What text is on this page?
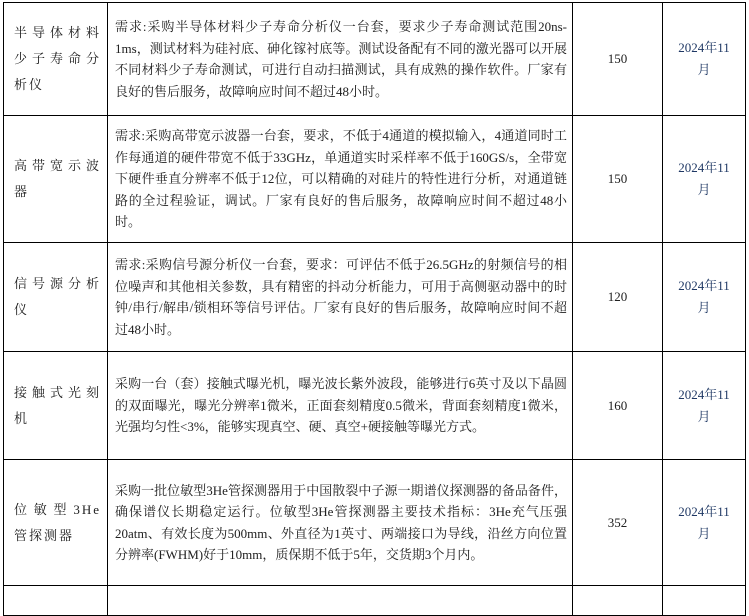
半导体材料少子寿命分析仪	需求:采购半导体材料少子寿命分析仪一台套，要求少子寿命测试范围20ns-1ms，测试材料为硅衬底、砷化镓衬底等。测试设备配有不同的激光器可以开展不同材料少子寿命测试，可进行自动扫描测试，具有成熟的操作软件。厂家有良好的售后服务，故障响应时间不超过48小时。	150	2024年11月
高带宽示波器	需求:采购高带宽示波器一台套，要求，不低于4通道的模拟输入，4通道同时工作每通道的硬件带宽不低于33GHz，单通道实时采样率不低于160GS/s，全带宽下硬件垂直分辨率不低于12位，可以精确的对硅片的特性进行分析，对通道链路的全过程验证，调试。厂家有良好的售后服务，故障响应时间不超过48小时。	150	2024年11月
信号源分析仪	需求:采购信号源分析仪一台套，要求：可评估不低于26.5GHz的射频信号的相位噪声和其他相关参数，具有精密的抖动分析能力，可用于高侧驱动器中的时钟/串行/解串/锁相环等信号评估。厂家有良好的售后服务，故障响应时间不超过48小时。	120	2024年11月
接触式光刻机	采购一台（套）接触式曝光机，曝光波长紫外波段，能够进行6英寸及以下晶圆的双面曝光，曝光分辨率1微米，正面套刻精度0.5微米，背面套刻精度1微米，光强均匀性<3%，能够实现真空、硬、真空+硬接触等曝光方式。	160	2024年11月
位敏型3He管探测器	采购一批位敏型3He管探测器用于中国散裂中子源一期谱仪探测器的备品备件，确保谱仪长期稳定运行。位敏型3He管探测器主要技术指标：3He充气压强20atm、有效长度为500mm、外直径为1英寸、两端接口为导线，沿丝方向位置分辨率(FWHM)好于10mm，质保期不低于5年，交货期3个月内。	352	2024年11月
